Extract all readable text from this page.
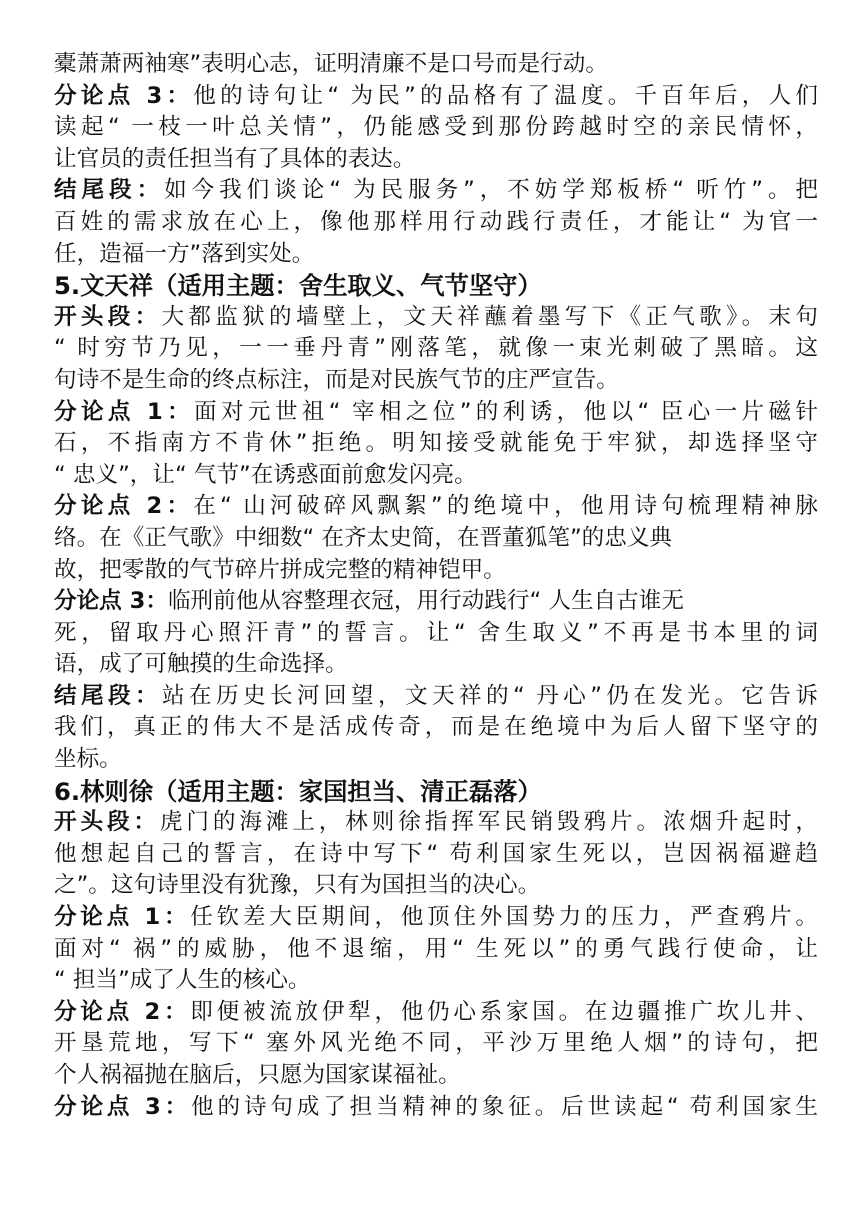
橐萧萧两袖寒”表明心志，证明清廉不是口号而是行动。
分论点 3：他的诗句让“ 为民”的品格有了温度。千百年后，人们
读起“ 一枝一叶总关情”，仍能感受到那份跨越时空的亲民情怀，
让官员的责任担当有了具体的表达。
结尾段：如今我们谈论“ 为民服务”，不妨学郑板桥“ 听竹”。把
百姓的需求放在心上，像他那样用行动践行责任，才能让“ 为官一
任，造福一方”落到实处。
5.文天祥（适用主题：舍生取义、气节坚守）
开头段：大都监狱的墙壁上，文天祥蘸着墨写下《正气歌》。末句
“ 时穷节乃见，一一垂丹青”刚落笔，就像一束光刺破了黑暗。这
句诗不是生命的终点标注，而是对民族气节的庄严宣告。
分论点 1：面对元世祖“ 宰相之位”的利诱，他以“ 臣心一片磁针
石，不指南方不肯休”拒绝。明知接受就能免于牢狱，却选择坚守
“ 忠义”，让“ 气节”在诱惑面前愈发闪亮。
分论点 2：在“ 山河破碎风飘絮”的绝境中，他用诗句梳理精神脉
络。在《正气歌》中细数“ 在齐太史简，在晋董狐笔”的忠义典
故，把零散的气节碎片拼成完整的精神铠甲。
分论点 3：临刑前他从容整理衣冠，用行动践行“ 人生自古谁无
死，留取丹心照汗青”的誓言。让“ 舍生取义”不再是书本里的词
语，成了可触摸的生命选择。
结尾段：站在历史长河回望，文天祥的“ 丹心”仍在发光。它告诉
我们，真正的伟大不是活成传奇，而是在绝境中为后人留下坚守的
坐标。
6.林则徐（适用主题：家国担当、清正磊落）
开头段：虎门的海滩上，林则徐指挥军民销毁鸦片。浓烟升起时，
他想起自己的誓言，在诗中写下“ 苟利国家生死以，岂因祸福避趋
之”。这句诗里没有犹豫，只有为国担当的决心。
分论点 1：任钦差大臣期间，他顶住外国势力的压力，严查鸦片。
面对“ 祸”的威胁，他不退缩，用“ 生死以”的勇气践行使命，让
“ 担当”成了人生的核心。
分论点 2：即便被流放伊犁，他仍心系家国。在边疆推广坎儿井、
开垦荒地，写下“ 塞外风光绝不同，平沙万里绝人烟”的诗句，把
个人祸福抛在脑后，只愿为国家谋福祉。
分论点 3：他的诗句成了担当精神的象征。后世读起“ 苟利国家生
